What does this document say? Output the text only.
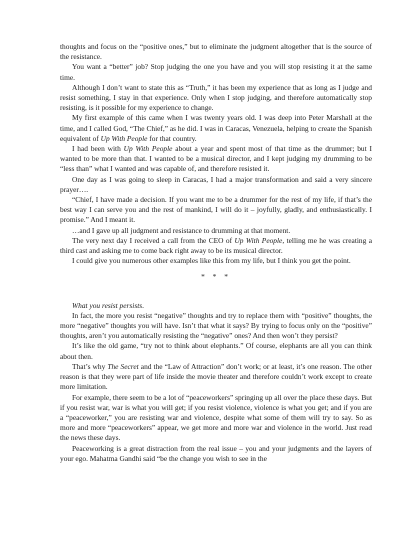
thoughts and focus on the “positive ones,” but to eliminate the judgment altogether that is the source of the resistance.

You want a “better” job? Stop judging the one you have and you will stop resisting it at the same time.

Although I don’t want to state this as “Truth,” it has been my experience that as long as I judge and resist something, I stay in that experience. Only when I stop judging, and therefore automatically stop resisting, is it possible for my experience to change.

My first example of this came when I was twenty years old. I was deep into Peter Marshall at the time, and I called God, “The Chief,” as he did. I was in Caracas, Venezuela, helping to create the Spanish equivalent of Up With People for that country.

I had been with Up With People about a year and spent most of that time as the drummer; but I wanted to be more than that. I wanted to be a musical director, and I kept judging my drumming to be “less than” what I wanted and was capable of, and therefore resisted it.

One day as I was going to sleep in Caracas, I had a major transformation and said a very sincere prayer….

“Chief, I have made a decision. If you want me to be a drummer for the rest of my life, if that’s the best way I can serve you and the rest of mankind, I will do it – joyfully, gladly, and enthusiastically. I promise.” And I meant it.

…and I gave up all judgment and resistance to drumming at that moment.

The very next day I received a call from the CEO of Up With People, telling me he was creating a third cast and asking me to come back right away to be its musical director.

I could give you numerous other examples like this from my life, but I think you get the point.

* * *

What you resist persists.

In fact, the more you resist “negative” thoughts and try to replace them with “positive” thoughts, the more “negative” thoughts you will have. Isn’t that what it says? By trying to focus only on the “positive” thoughts, aren’t you automatically resisting the “negative” ones? And then won’t they persist?

It’s like the old game, “try not to think about elephants.” Of course, elephants are all you can think about then.

That’s why The Secret and the “Law of Attraction” don’t work; or at least, it’s one reason. The other reason is that they were part of life inside the movie theater and therefore couldn’t work except to create more limitation.

For example, there seem to be a lot of “peaceworkers” springing up all over the place these days. But if you resist war, war is what you will get; if you resist violence, violence is what you get; and if you are a “peaceworker,” you are resisting war and violence, despite what some of them will try to say. So as more and more “peaceworkers” appear, we get more and more war and violence in the world. Just read the news these days.

Peaceworking is a great distraction from the real issue – you and your judgments and the layers of your ego. Mahatma Gandhi said “be the change you wish to see in the
